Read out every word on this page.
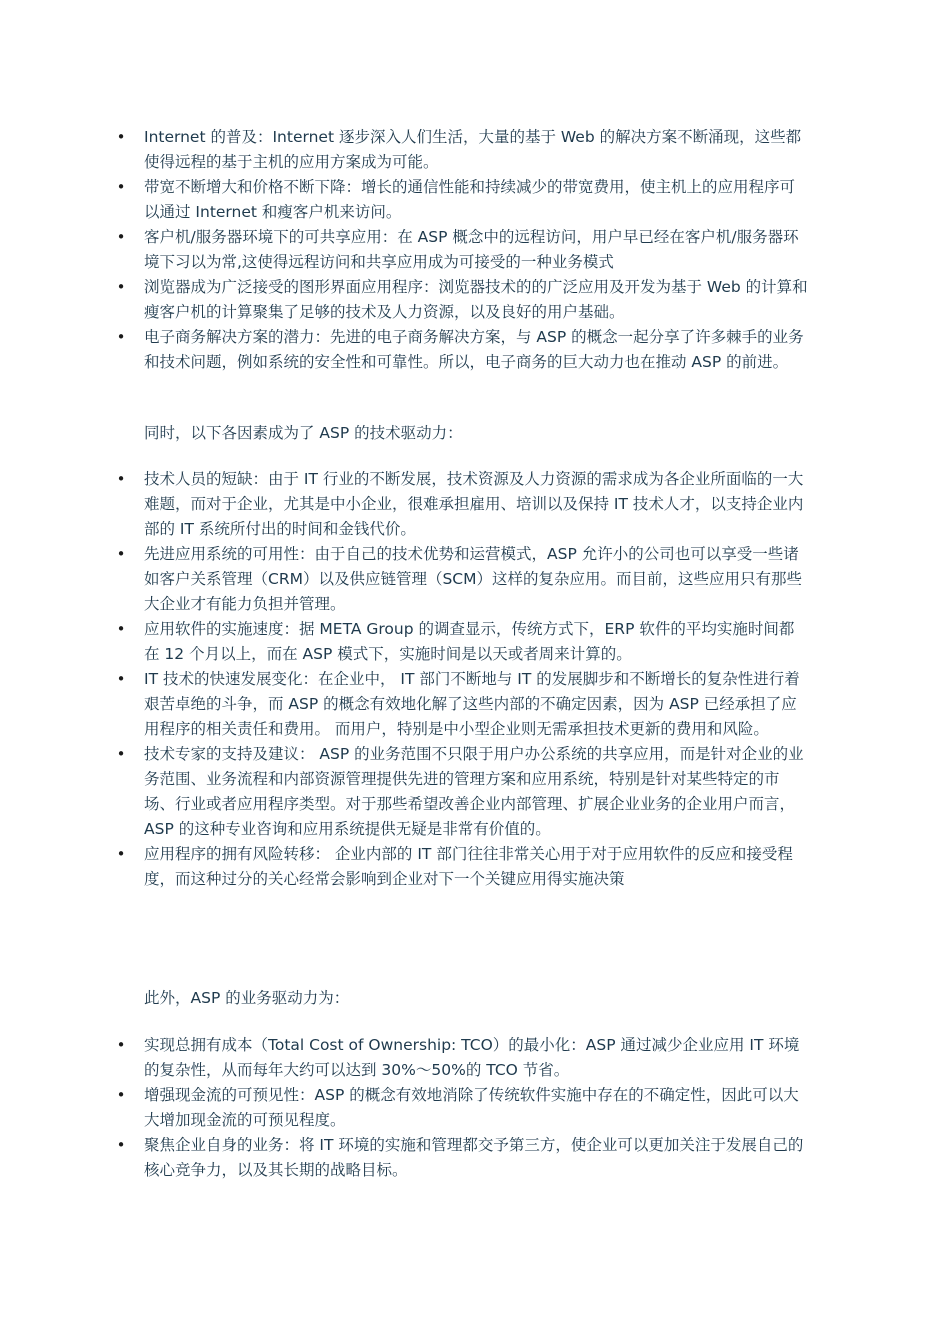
• Internet 的普及：Internet 逐步深入人们生活，大量的基于 Web 的解决方案不断涌现，这些都使得远程的基于主机的应用方案成为可能。
• 带宽不断增大和价格不断下降：增长的通信性能和持续减少的带宽费用，使主机上的应用程序可以通过 Internet 和瘦客户机来访问。
• 客户机/服务器环境下的可共享应用：在 ASP 概念中的远程访问，用户早已经在客户机/服务器环境下习以为常,这使得远程访问和共享应用成为可接受的一种业务模式
• 浏览器成为广泛接受的图形界面应用程序：浏览器技术的的广泛应用及开发为基于 Web 的计算和瘦客户机的计算聚集了足够的技术及人力资源，以及良好的用户基础。
• 电子商务解决方案的潜力：先进的电子商务解决方案，与 ASP 的概念一起分享了许多棘手的业务和技术问题，例如系统的安全性和可靠性。所以，电子商务的巨大动力也在推动 ASP 的前进。

同时，以下各因素成为了 ASP 的技术驱动力：

• 技术人员的短缺：由于 IT 行业的不断发展，技术资源及人力资源的需求成为各企业所面临的一大难题，而对于企业，尤其是中小企业，很难承担雇用、培训以及保持 IT 技术人才，以支持企业内部的 IT 系统所付出的时间和金钱代价。
• 先进应用系统的可用性：由于自己的技术优势和运营模式，ASP 允许小的公司也可以享受一些诸如客户关系管理（CRM）以及供应链管理（SCM）这样的复杂应用。而目前，这些应用只有那些大企业才有能力负担并管理。
• 应用软件的实施速度：据 META Group 的调查显示，传统方式下，ERP 软件的平均实施时间都在 12 个月以上，而在 ASP 模式下，实施时间是以天或者周来计算的。
• IT 技术的快速发展变化：在企业中， IT 部门不断地与 IT 的发展脚步和不断增长的复杂性进行着艰苦卓绝的斗争，而 ASP 的概念有效地化解了这些内部的不确定因素，因为 ASP 已经承担了应用程序的相关责任和费用。 而用户，特别是中小型企业则无需承担技术更新的费用和风险。
• 技术专家的支持及建议： ASP 的业务范围不只限于用户办公系统的共享应用，而是针对企业的业务范围、业务流程和内部资源管理提供先进的管理方案和应用系统，特别是针对某些特定的市场、行业或者应用程序类型。对于那些希望改善企业内部管理、扩展企业业务的企业用户而言，ASP 的这种专业咨询和应用系统提供无疑是非常有价值的。
• 应用程序的拥有风险转移： 企业内部的 IT 部门往往非常关心用于对于应用软件的反应和接受程度，而这种过分的关心经常会影响到企业对下一个关键应用得实施决策

此外，ASP 的业务驱动力为：

• 实现总拥有成本（Total Cost of Ownership: TCO）的最小化：ASP 通过减少企业应用 IT 环境的复杂性，从而每年大约可以达到 30%～50%的 TCO 节省。
• 增强现金流的可预见性：ASP 的概念有效地消除了传统软件实施中存在的不确定性，因此可以大大增加现金流的可预见程度。
• 聚焦企业自身的业务：将 IT 环境的实施和管理都交予第三方，使企业可以更加关注于发展自己的核心竞争力，以及其长期的战略目标。
